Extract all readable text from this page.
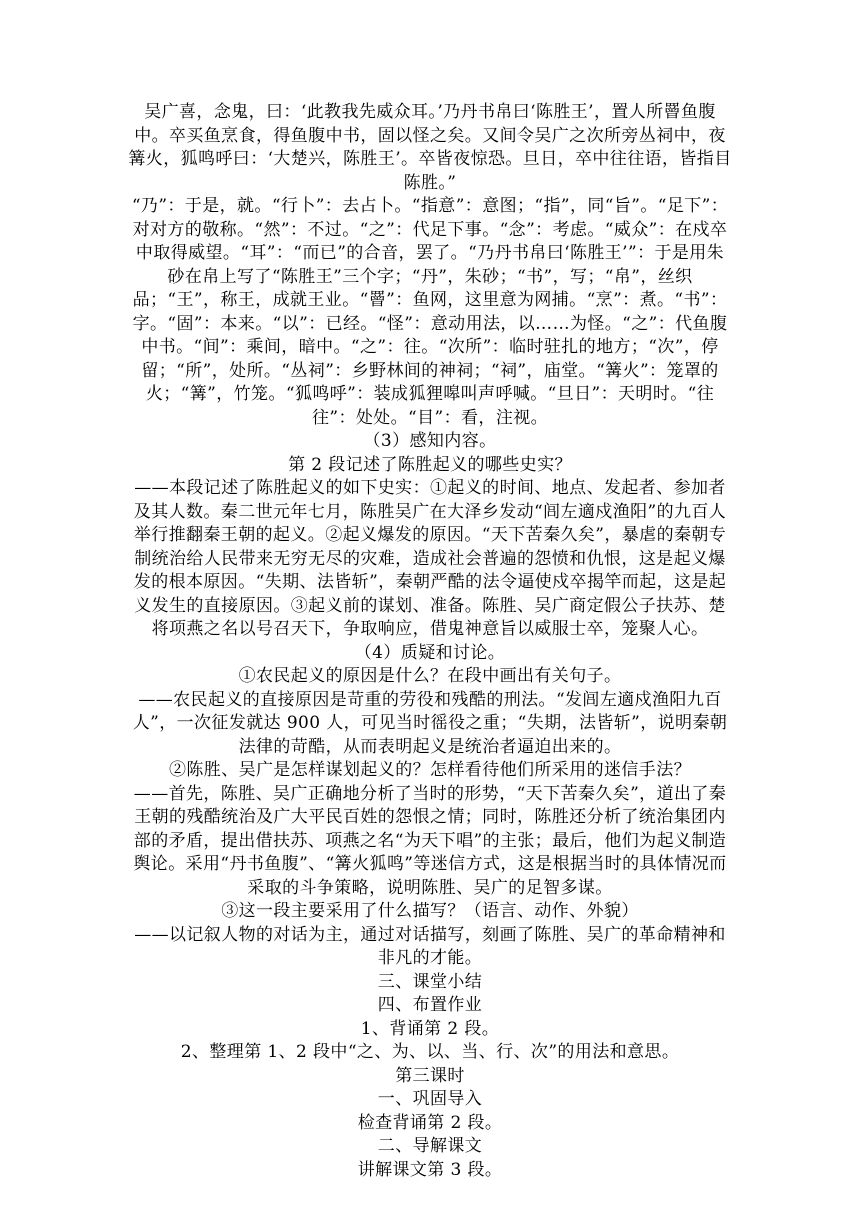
吴广喜，念鬼，曰：‘此教我先威众耳。’乃丹书帛曰‘陈胜王’，置人所罾鱼腹中。卒买鱼烹食，得鱼腹中书，固以怪之矣。又间令吴广之次所旁丛祠中，夜篝火，狐鸣呼曰：‘大楚兴，陈胜王’。卒皆夜惊恐。旦日，卒中往往语，皆指目陈胜。”

“乃”：于是，就。“行卜”：去占卜。“指意”：意图；“指”，同“旨”。“足下”：对对方的敬称。“然”：不过。“之”：代足下事。“念”：考虑。“威众”：在戍卒中取得威望。“耳”：“而已”的合音，罢了。“乃丹书帛曰‘陈胜王’”：于是用朱砂在帛上写了“陈胜王”三个字；“丹”，朱砂；“书”，写；“帛”，丝织品；“王”，称王，成就王业。“罾”：鱼网，这里意为网捕。“烹”：煮。“书”：字。“固”：本来。“以”：已经。“怪”：意动用法，以……为怪。“之”：代鱼腹中书。“间”：乘间，暗中。“之”：往。“次所”：临时驻扎的地方；“次”，停留；“所”，处所。“丛祠”：乡野林间的神祠；“祠”，庙堂。“篝火”：笼罩的火；“篝”，竹笼。“狐鸣呼”：装成狐狸嗥叫声呼喊。“旦日”：天明时。“往往”：处处。“目”：看，注视。

（3）感知内容。

第 2 段记述了陈胜起义的哪些史实？

——本段记述了陈胜起义的如下史实：①起义的时间、地点、发起者、参加者及其人数。秦二世元年七月，陈胜吴广在大泽乡发动“闾左適戍渔阳”的九百人举行推翻秦王朝的起义。②起义爆发的原因。“天下苦秦久矣”，暴虐的秦朝专制统治给人民带来无穷无尽的灾难，造成社会普遍的怨愤和仇恨，这是起义爆发的根本原因。“失期、法皆斩”，秦朝严酷的法令逼使戍卒揭竿而起，这是起义发生的直接原因。③起义前的谋划、准备。陈胜、吴广商定假公子扶苏、楚将项燕之名以号召天下，争取响应，借鬼神意旨以威服士卒，笼聚人心。

（4）质疑和讨论。

①农民起义的原因是什么？在段中画出有关句子。

——农民起义的直接原因是苛重的劳役和残酷的刑法。“发闾左適戍渔阳九百人”，一次征发就达 900 人，可见当时徭役之重；“失期，法皆斩”，说明秦朝法律的苛酷，从而表明起义是统治者逼迫出来的。

②陈胜、吴广是怎样谋划起义的？怎样看待他们所采用的迷信手法？

——首先，陈胜、吴广正确地分析了当时的形势，“天下苦秦久矣”，道出了秦王朝的残酷统治及广大平民百姓的怨恨之情；同时，陈胜还分析了统治集团内部的矛盾，提出借扶苏、项燕之名“为天下唱”的主张；最后，他们为起义制造舆论。采用“丹书鱼腹”、“篝火狐鸣”等迷信方式，这是根据当时的具体情况而采取的斗争策略，说明陈胜、吴广的足智多谋。

③这一段主要采用了什么描写？（语言、动作、外貌）

——以记叙人物的对话为主，通过对话描写，刻画了陈胜、吴广的革命精神和非凡的才能。

三、课堂小结

四、布置作业

1、背诵第 2 段。

2、整理第 1、2 段中“之、为、以、当、行、次”的用法和意思。

第三课时

一、巩固导入

检查背诵第 2 段。

二、导解课文

讲解课文第 3 段。
